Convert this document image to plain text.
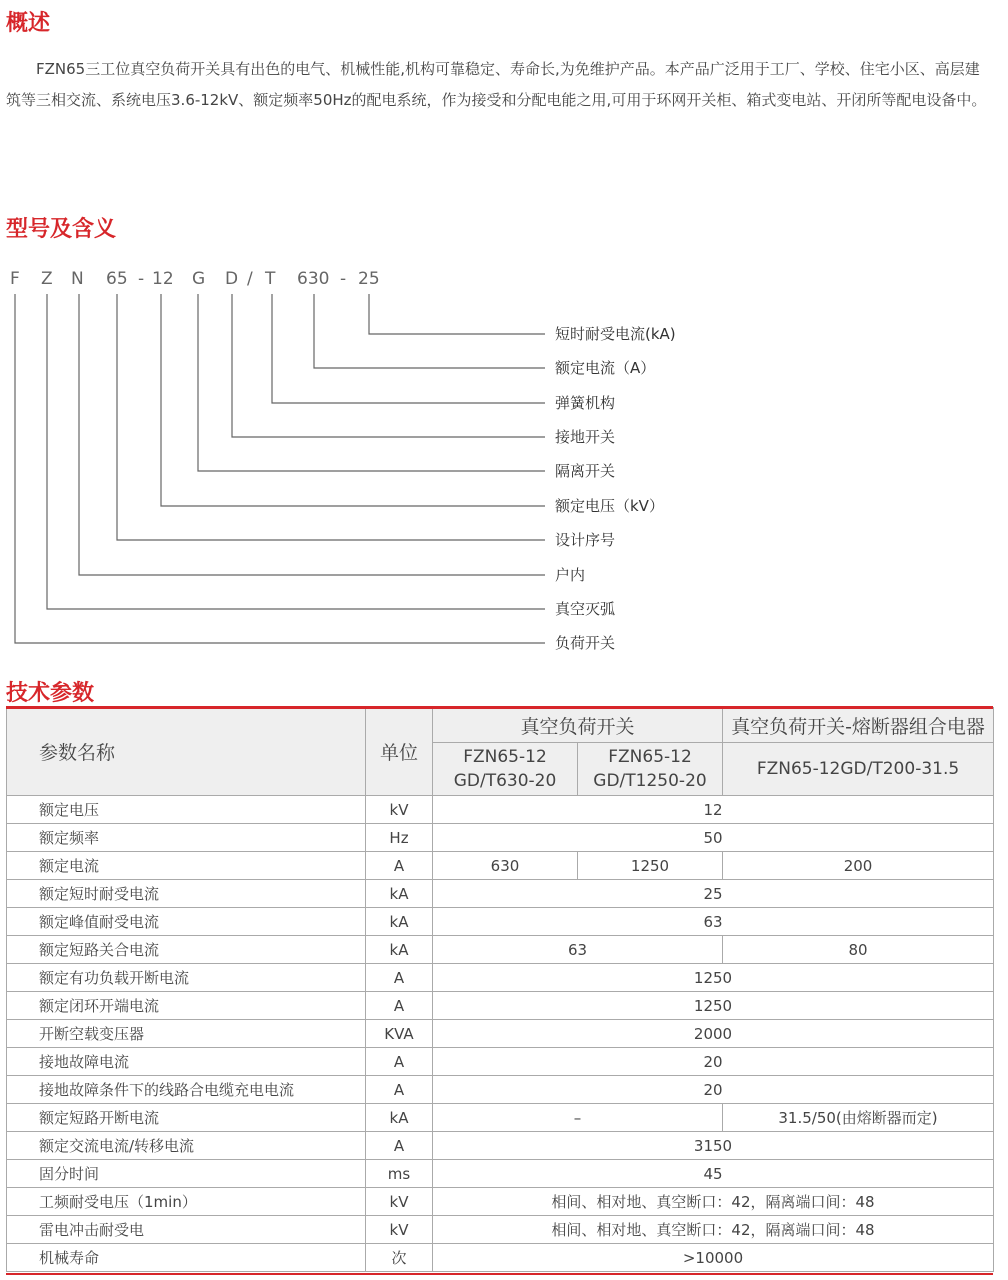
概述

FZN65三工位真空负荷开关具有出色的电气、机械性能,机构可靠稳定、寿命长,为免维护产品。本产品广泛用于工厂、学校、住宅小区、高层建筑等三相交流、系统电压3.6-12kV、额定频率50Hz的配电系统，作为接受和分配电能之用,可用于环网开关柜、箱式变电站、开闭所等配电设备中。

型号及含义
F Z N 65 - 12 G D / T 630 - 25
短时耐受电流(kA)
额定电流（A）
弹簧机构
接地开关
隔离开关
额定电压（kV）
设计序号
户内
真空灭弧
负荷开关
技术参数
参数名称	单位	真空负荷开关		真空负荷开关-熔断器组合电器
		FZN65-12 GD/T630-20	FZN65-12 GD/T1250-20	FZN65-12GD/T200-31.5
额定电压	kV	12		
额定频率	Hz	50		
额定电流	A	630	1250	200
额定短时耐受电流	kA	25		
额定峰值耐受电流	kA	63		
额定短路关合电流	kA	63		80
额定有功负载开断电流	A	1250		
额定闭环开端电流	A	1250		
开断空载变压器	KVA	2000		
接地故障电流	A	20		
接地故障条件下的线路合电缆充电电流	A	20		
额定短路开断电流	kA	–		31.5/50(由熔断器而定)
额定交流电流/转移电流	A	3150		
固分时间	ms	45		
工频耐受电压（1min）	kV	相间、相对地、真空断口：42，隔离端口间：48		
雷电冲击耐受电	kV	相间、相对地、真空断口：42，隔离端口间：48		
机械寿命	次	>10000		
